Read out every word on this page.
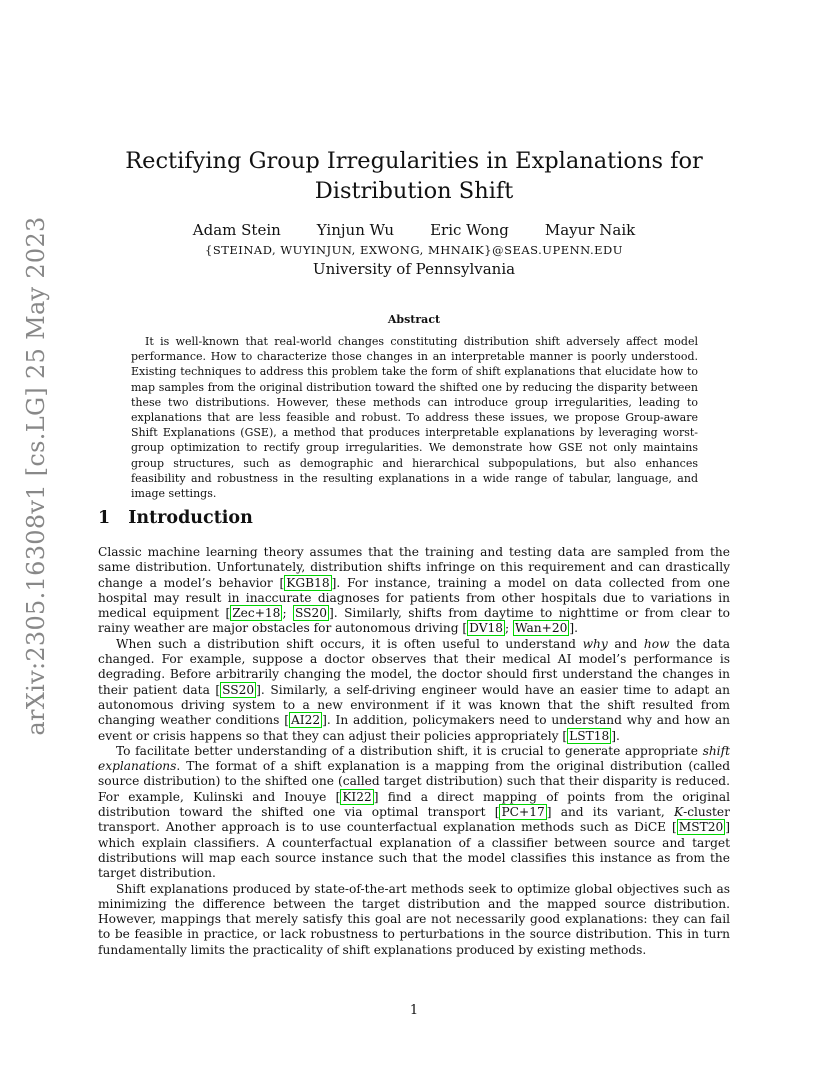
arXiv:2305.16308v1 [cs.LG] 25 May 2023
Rectifying Group Irregularities in Explanations for
Distribution Shift
Adam Stein Yinjun Wu Eric Wong Mayur Naik
{STEINAD, WUYINJUN, EXWONG, MHNAIK}@SEAS.UPENN.EDU
University of Pennsylvania
Abstract
It is well-known that real-world changes constituting distribution shift adversely affect model performance. How to characterize those changes in an interpretable manner is poorly understood. Existing techniques to address this problem take the form of shift explanations that elucidate how to map samples from the original distribution toward the shifted one by reducing the disparity between these two distributions. However, these methods can introduce group irregularities, leading to explanations that are less feasible and robust. To address these issues, we propose Group-aware Shift Explanations (GSE), a method that produces interpretable explanations by leveraging worst-group optimization to rectify group irregularities. We demonstrate how GSE not only maintains group structures, such as demographic and hierarchical subpopulations, but also enhances feasibility and robustness in the resulting explanations in a wide range of tabular, language, and image settings.
1 Introduction

Classic machine learning theory assumes that the training and testing data are sampled from the same distribution. Unfortunately, distribution shifts infringe on this requirement and can drastically change a model’s behavior [ KGB18 ]. For instance, training a model on data collected from one hospital may result in inaccurate diagnoses for patients from other hospitals due to variations in medical equipment [ Zec+18 ; SS20 ]. Similarly, shifts from daytime to nighttime or from clear to rainy weather are major obstacles for autonomous driving [ DV18 ; Wan+20 ].

When such a distribution shift occurs, it is often useful to understand why and how the data changed. For example, suppose a doctor observes that their medical AI model’s performance is degrading. Before arbitrarily changing the model, the doctor should first understand the changes in their patient data [ SS20 ]. Similarly, a self-driving engineer would have an easier time to adapt an autonomous driving system to a new environment if it was known that the shift resulted from changing weather conditions [ AI22 ]. In addition, policymakers need to understand why and how an event or crisis happens so that they can adjust their policies appropriately [ LST18 ].

To facilitate better understanding of a distribution shift, it is crucial to generate appropriate shift explanations. The format of a shift explanation is a mapping from the original distribution (called source distribution) to the shifted one (called target distribution) such that their disparity is reduced. For example, Kulinski and Inouye [ KI22 ] find a direct mapping of points from the original distribution toward the shifted one via optimal transport [ PC+17 ] and its variant, K-cluster transport. Another approach is to use counterfactual explanation methods such as DiCE [ MST20 ] which explain classifiers. A counterfactual explanation of a classifier between source and target distributions will map each source instance such that the model classifies this instance as from the target distribution.

Shift explanations produced by state-of-the-art methods seek to optimize global objectives such as minimizing the difference between the target distribution and the mapped source distribution. However, mappings that merely satisfy this goal are not necessarily good explanations: they can fail to be feasible in practice, or lack robustness to perturbations in the source distribution. This in turn fundamentally limits the practicality of shift explanations produced by existing methods.

1
